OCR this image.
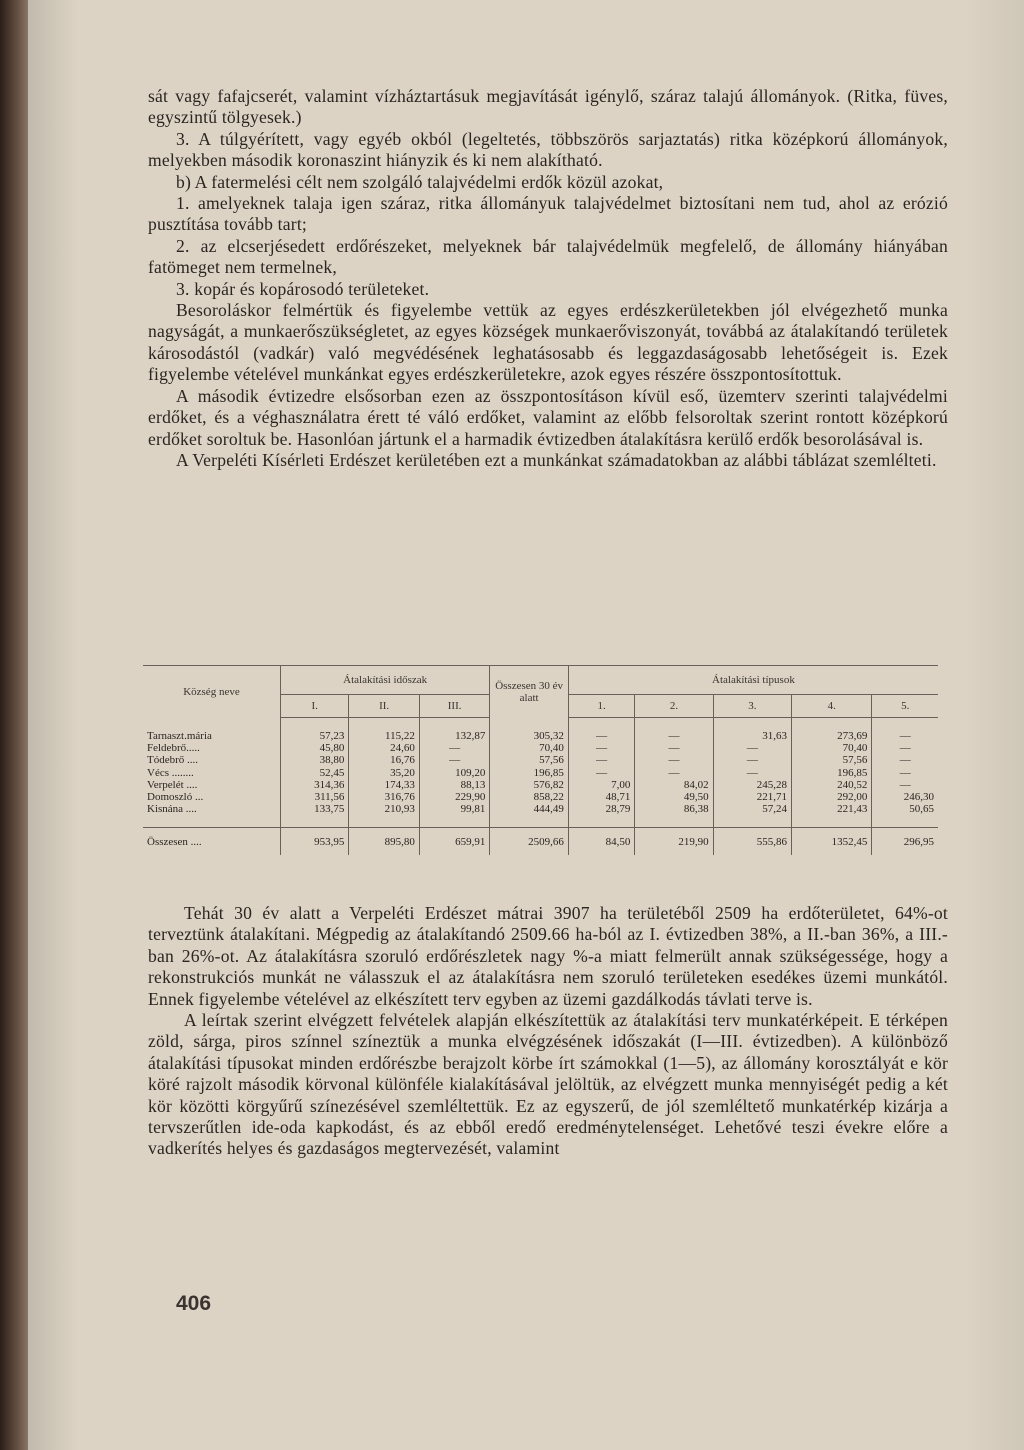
sát vagy fafajcserét, valamint vízháztartásuk megjavítását igénylő, száraz talajú állományok. (Ritka, füves, egyszintű tölgyesek.)

3. A túlgyérített, vagy egyéb okból (legeltetés, többszörös sarjaztatás) ritka középkorú állományok, melyekben második koronaszint hiányzik és ki nem alakítható.

b) A fatermelési célt nem szolgáló talajvédelmi erdők közül azokat,

1. amelyeknek talaja igen száraz, ritka állományuk talajvédelmet biztosítani nem tud, ahol az erózió pusztítása tovább tart;

2. az elcserjésedett erdőrészeket, melyeknek bár talajvédelmük megfelelő, de állomány hiányában fatömeget nem termelnek,

3. kopár és kopárosodó területeket.

Besoroláskor felmértük és figyelembe vettük az egyes erdészkerületekben jól elvégezhető munka nagyságát, a munkaerőszükségletet, az egyes községek munkaerőviszonyát, továbbá az átalakítandó területek károsodástól (vadkár) való megvédésének leghatásosabb és leggazdaságosabb lehetőségeit is. Ezek figyelembe vételével munkánkat egyes erdészkerületekre, azok egyes részére összpontosítottuk.

A második évtizedre elsősorban ezen az összpontosításon kívül eső, üzemterv szerinti talajvédelmi erdőket, és a véghasználatra érett té váló erdőket, valamint az előbb felsoroltak szerint rontott középkorú erdőket soroltuk be. Hasonlóan jártunk el a harmadik évtizedben átalakításra kerülő erdők besorolásával is.

A Verpeléti Kísérleti Erdészet kerületében ezt a munkánkat számadatokban az alábbi táblázat szemlélteti.

Község neve	Átalakítási időszak			Összesen 30 év alatt	Átalakítási típusok				
	I.	II.	III.		1.	2.	3.	4.	5.

Tarnaszt.mária	57,23	115,22	132,87	305,32	—	—	31,63	273,69	—
Feldebrő.....	45,80	24,60	—	70,40	—	—	—	70,40	—
Tódebrő ....	38,80	16,76	—	57,56	—	—	—	57,56	—
Vécs ........	52,45	35,20	109,20	196,85	—	—	—	196,85	—
Verpelét ....	314,36	174,33	88,13	576,82	7,00	84,02	245,28	240,52	—
Domoszló ...	311,56	316,76	229,90	858,22	48,71	49,50	221,71	292,00	246,30
Kisnána ....	133,75	210,93	99,81	444,49	28,79	86,38	57,24	221,43	50,65

Összesen ....	953,95	895,80	659,91	2509,66	84,50	219,90	555,86	1352,45	296,95

Tehát 30 év alatt a Verpeléti Erdészet mátrai 3907 ha területéből 2509 ha erdőterületet, 64%-ot terveztünk átalakítani. Mégpedig az átalakítandó 2509.66 ha-ból az I. évtizedben 38%, a II.-ban 36%, a III.-ban 26%-ot. Az átalakításra szoruló erdőrészletek nagy %-a miatt felmerült annak szükségessége, hogy a rekonstrukciós munkát ne válasszuk el az átalakításra nem szoruló területeken esedékes üzemi munkától. Ennek figyelembe vételével az elkészített terv egyben az üzemi gazdálkodás távlati terve is.

A leírtak szerint elvégzett felvételek alapján elkészítettük az átalakítási terv munkatérképeit. E térképen zöld, sárga, piros színnel színeztük a munka elvégzésének időszakát (I—III. évtizedben). A különböző átalakítási típusokat minden erdőrészbe berajzolt körbe írt számokkal (1—5), az állomány korosztályát e kör köré rajzolt második körvonal különféle kialakításával jelöltük, az elvégzett munka mennyiségét pedig a két kör közötti körgyűrű színezésével szemléltettük. Ez az egyszerű, de jól szemléltető munkatérkép kizárja a tervszerűtlen ide-oda kapkodást, és az ebből eredő eredménytelenséget. Lehetővé teszi évekre előre a vadkerítés helyes és gazdaságos megtervezését, valamint

406
